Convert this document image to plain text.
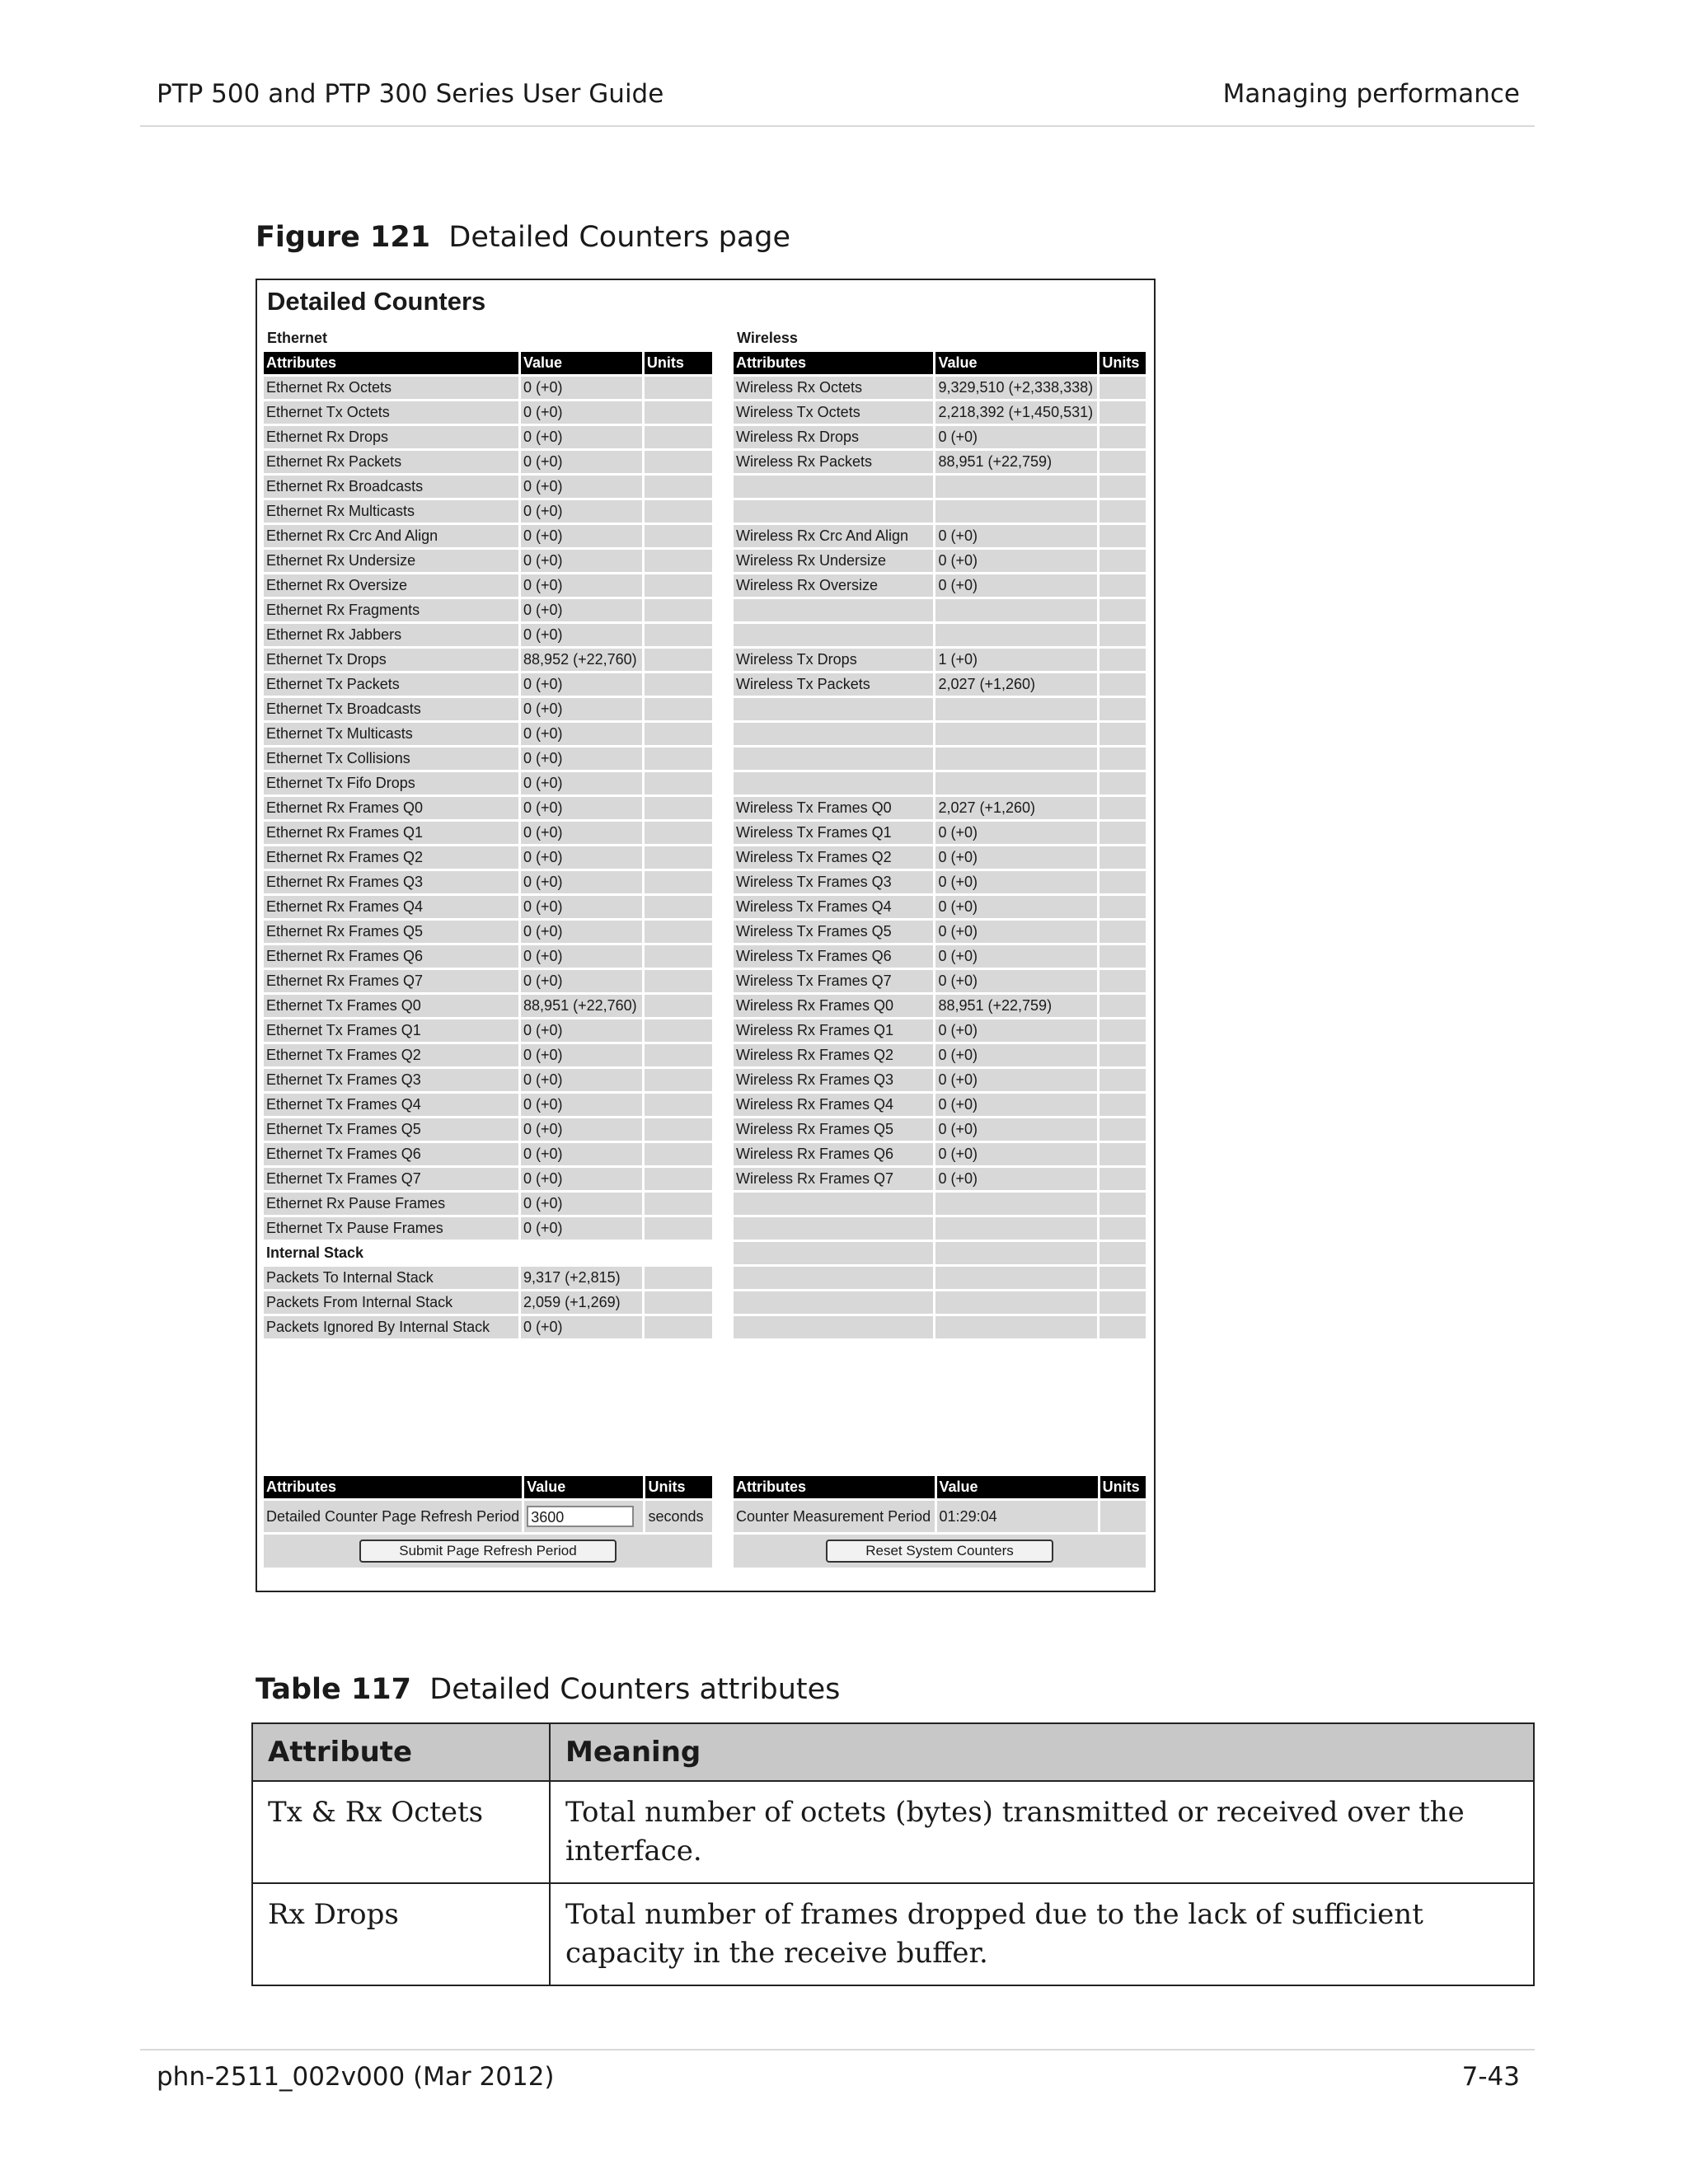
PTP 500 and PTP 300 Series User Guide	Managing performance
Figure 121 Detailed Counters page
Detailed Counters
Ethernet	Wireless
Attributes	Value	Units
Ethernet Rx Octets	0 (+0)	
Ethernet Tx Octets	0 (+0)	
Ethernet Rx Drops	0 (+0)	
Ethernet Rx Packets	0 (+0)	
Ethernet Rx Broadcasts	0 (+0)	
Ethernet Rx Multicasts	0 (+0)	
Ethernet Rx Crc And Align	0 (+0)	
Ethernet Rx Undersize	0 (+0)	
Ethernet Rx Oversize	0 (+0)	
Ethernet Rx Fragments	0 (+0)	
Ethernet Rx Jabbers	0 (+0)	
Ethernet Tx Drops	88,952 (+22,760)	
Ethernet Tx Packets	0 (+0)	
Ethernet Tx Broadcasts	0 (+0)	
Ethernet Tx Multicasts	0 (+0)	
Ethernet Tx Collisions	0 (+0)	
Ethernet Tx Fifo Drops	0 (+0)	
Ethernet Rx Frames Q0	0 (+0)	
Ethernet Rx Frames Q1	0 (+0)	
Ethernet Rx Frames Q2	0 (+0)	
Ethernet Rx Frames Q3	0 (+0)	
Ethernet Rx Frames Q4	0 (+0)	
Ethernet Rx Frames Q5	0 (+0)	
Ethernet Rx Frames Q6	0 (+0)	
Ethernet Rx Frames Q7	0 (+0)	
Ethernet Tx Frames Q0	88,951 (+22,760)	
Ethernet Tx Frames Q1	0 (+0)	
Ethernet Tx Frames Q2	0 (+0)	
Ethernet Tx Frames Q3	0 (+0)	
Ethernet Tx Frames Q4	0 (+0)	
Ethernet Tx Frames Q5	0 (+0)	
Ethernet Tx Frames Q6	0 (+0)	
Ethernet Tx Frames Q7	0 (+0)	
Ethernet Rx Pause Frames	0 (+0)	
Ethernet Tx Pause Frames	0 (+0)	
Internal Stack		
Packets To Internal Stack	9,317 (+2,815)	
Packets From Internal Stack	2,059 (+1,269)	
Packets Ignored By Internal Stack	0 (+0)	
Attributes	Value	Units
Wireless Rx Octets	9,329,510 (+2,338,338)	
Wireless Tx Octets	2,218,392 (+1,450,531)	
Wireless Rx Drops	0 (+0)	
Wireless Rx Packets	88,951 (+22,759)	

Wireless Rx Crc And Align	0 (+0)	
Wireless Rx Undersize	0 (+0)	
Wireless Rx Oversize	0 (+0)	

Wireless Tx Drops	1 (+0)	
Wireless Tx Packets	2,027 (+1,260)	

Wireless Tx Frames Q0	2,027 (+1,260)	
Wireless Tx Frames Q1	0 (+0)	
Wireless Tx Frames Q2	0 (+0)	
Wireless Tx Frames Q3	0 (+0)	
Wireless Tx Frames Q4	0 (+0)	
Wireless Tx Frames Q5	0 (+0)	
Wireless Tx Frames Q6	0 (+0)	
Wireless Tx Frames Q7	0 (+0)	
Wireless Rx Frames Q0	88,951 (+22,759)	
Wireless Rx Frames Q1	0 (+0)	
Wireless Rx Frames Q2	0 (+0)	
Wireless Rx Frames Q3	0 (+0)	
Wireless Rx Frames Q4	0 (+0)	
Wireless Rx Frames Q5	0 (+0)	
Wireless Rx Frames Q6	0 (+0)	
Wireless Rx Frames Q7	0 (+0)	

Attributes	Value	Units
Detailed Counter Page Refresh Period	3600	seconds
Submit Page Refresh Period		
Attributes	Value	Units
Counter Measurement Period	01:29:04	
Reset System Counters		
Table 117 Detailed Counters attributes
Attribute	Meaning
Tx & Rx Octets	Total number of octets (bytes) transmitted or received over the interface.
Rx Drops	Total number of frames dropped due to the lack of sufficient capacity in the receive buffer.
phn-2511_002v000 (Mar 2012)	7-43
